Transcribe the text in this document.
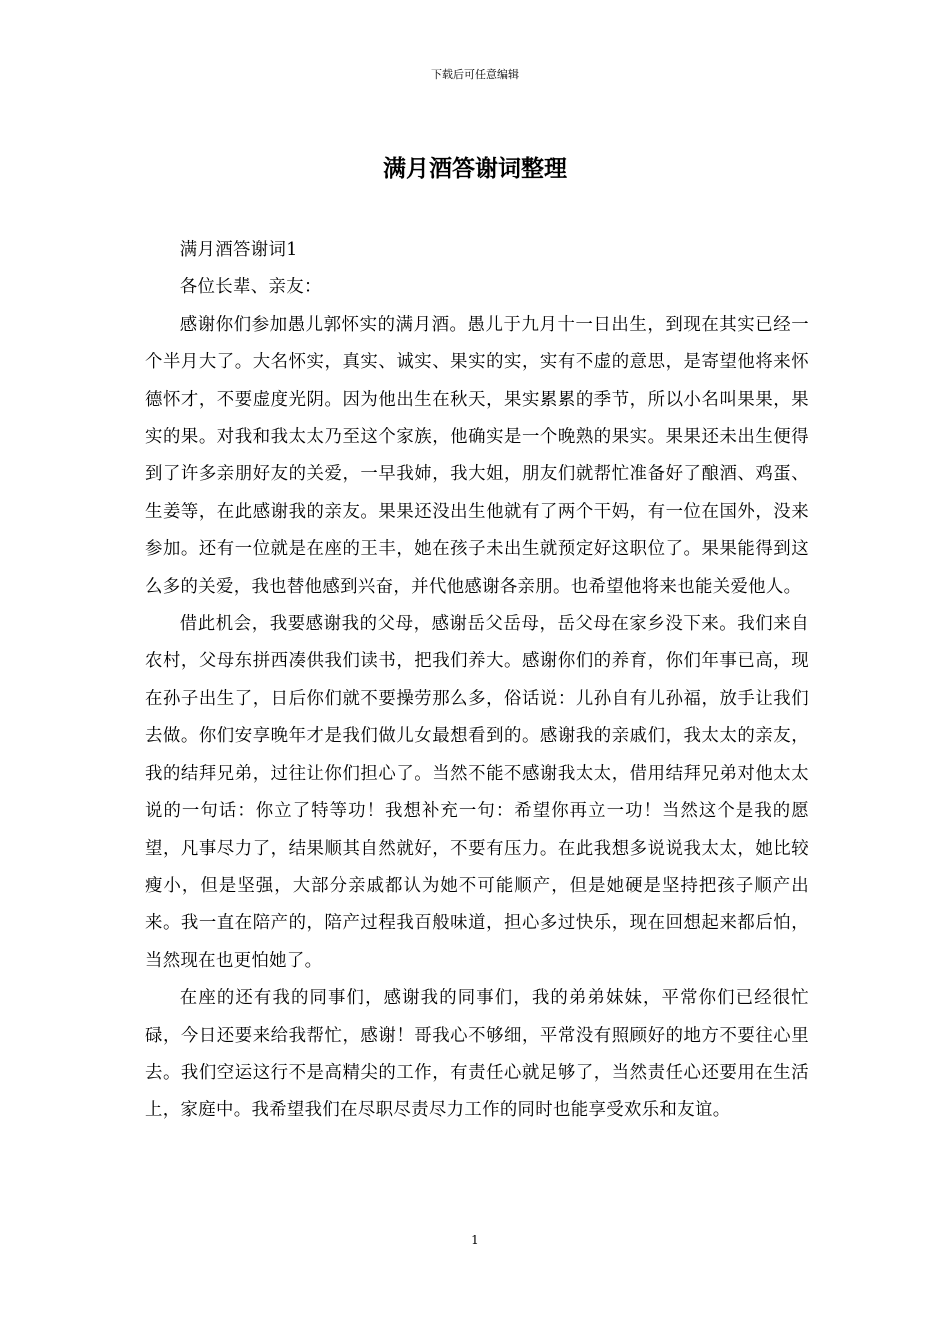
下载后可任意编辑
满月酒答谢词整理

满月酒答谢词1

各位长辈、亲友：

感谢你们参加愚儿郭怀实的满月酒。愚儿于九月十一日出生，到现在其实已经一个半月大了。大名怀实，真实、诚实、果实的实，实有不虚的意思，是寄望他将来怀德怀才，不要虚度光阴。因为他出生在秋天，果实累累的季节，所以小名叫果果，果实的果。对我和我太太乃至这个家族，他确实是一个晚熟的果实。果果还未出生便得到了许多亲朋好友的关爱，一早我姉，我大姐，朋友们就帮忙准备好了酿酒、鸡蛋、生姜等，在此感谢我的亲友。果果还没出生他就有了两个干妈，有一位在国外，没来参加。还有一位就是在座的王丰，她在孩子未出生就预定好这职位了。果果能得到这么多的关爱，我也替他感到兴奋，并代他感谢各亲朋。也希望他将来也能关爱他人。

借此机会，我要感谢我的父母，感谢岳父岳母，岳父母在家乡没下来。我们来自农村，父母东拼西凑供我们读书，把我们养大。感谢你们的养育，你们年事已高，现在孙子出生了，日后你们就不要操劳那么多，俗话说：儿孙自有儿孙福，放手让我们去做。你们安享晚年才是我们做儿女最想看到的。感谢我的亲戚们，我太太的亲友，我的结拜兄弟，过往让你们担心了。当然不能不感谢我太太，借用结拜兄弟对他太太说的一句话：你立了特等功！我想补充一句：希望你再立一功！当然这个是我的愿望，凡事尽力了，结果顺其自然就好，不要有压力。在此我想多说说我太太，她比较瘦小，但是坚强，大部分亲戚都认为她不可能顺产，但是她硬是坚持把孩子顺产出来。我一直在陪产的，陪产过程我百般味道，担心多过快乐，现在回想起来都后怕，当然现在也更怕她了。

在座的还有我的同事们，感谢我的同事们，我的弟弟妹妹，平常你们已经很忙碌，今日还要来给我帮忙，感谢！哥我心不够细，平常没有照顾好的地方不要往心里去。我们空运这行不是高精尖的工作，有责任心就足够了，当然责任心还要用在生活上，家庭中。我希望我们在尽职尽责尽力工作的同时也能享受欢乐和友谊。

1
